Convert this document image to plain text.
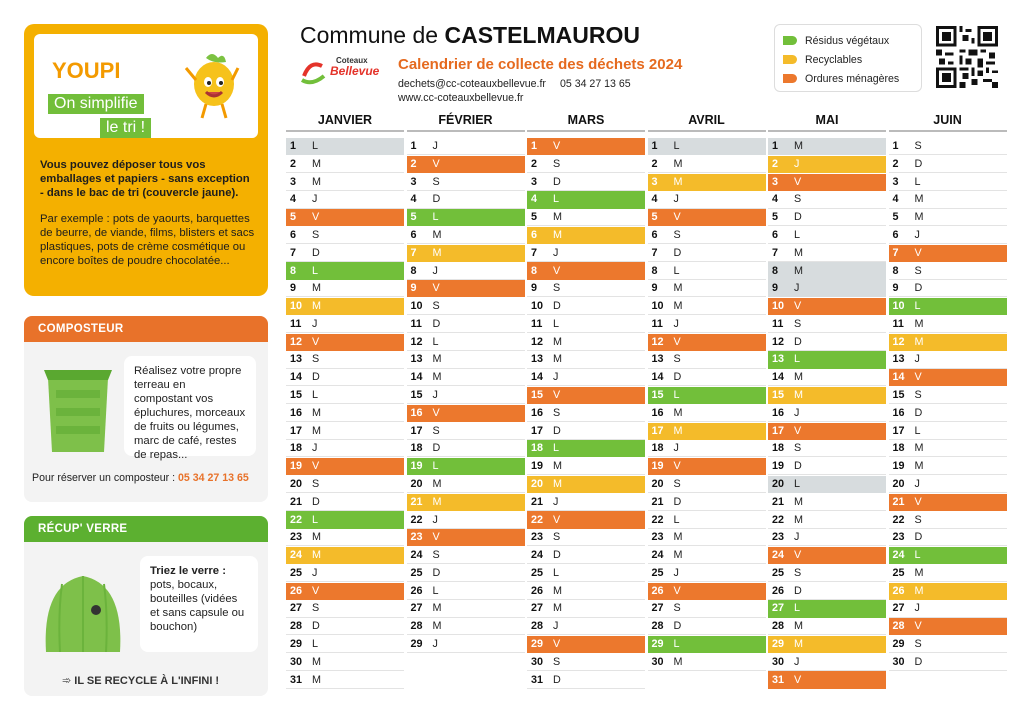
YOUPI
On simplifie
le tri !
Vous pouvez déposer tous vos emballages et papiers - sans exception - dans le bac de tri (couvercle jaune).
Par exemple : pots de yaourts, barquettes de beurre, de viande, films, blisters et sacs plastiques, pots de crème cosmétique ou encore boîtes de poudre chocolatée...
COMPOSTEUR
Réalisez votre propre terreau en compostant vos épluchures, morceaux de fruits ou légumes, marc de café, restes de repas...
Pour réserver un composteur : 05 34 27 13 65
RÉCUP' VERRE
Triez le verre :
pots, bocaux, bouteilles (vidées et sans capsule ou bouchon)
➾ IL SE RECYCLE À L'INFINI !
Commune de CASTELMAUROU
Coteaux
Bellevue Calendrier de collecte des déchets 2024
dechets@cc-coteauxbellevue.fr 05 34 27 13 65
www.cc-coteauxbellevue.fr
Résidus végétaux
Recyclables
Ordures ménagères
JANVIER
1	L
2	M
3	M
4	J
5	V
6	S
7	D
8	L
9	M
10 M
11 J
12 V
13 S
14 D
15 L
16 M
17 M
18 J
19 V
20 S
21 D
22 L
23 M
24 M
25 J
26 V
27 S
28 D
29 L
30 M
31 M
FÉVRIER
1	J
2	V
3	S
4	D
5	L
6	M
7	M
8	J
9	V
10 S
11 D
12 L
13 M
14 M
15 J
16 V
17 S
18 D
19 L
20 M
21 M
22 J
23 V
24 S
25 D
26 L
27 M
28 M
29 J
MARS
1	V
2	S
3	D
4	L
5	M
6	M
7	J
8	V
9	S
10 D
11 L
12 M
13 M
14 J
15 V
16 S
17 D
18 L
19 M
20 M
21 J
22 V
23 S
24 D
25 L
26 M
27 M
28 J
29 V
30 S
31 D
AVRIL
1	L
2	M
3	M
4	J
5	V
6	S
7	D
8	L
9	M
10 M
11 J
12 V
13 S
14 D
15 L
16 M
17 M
18 J
19 V
20 S
21 D
22 L
23 M
24 M
25 J
26 V
27 S
28 D
29 L
30 M
MAI
1	M
2	J
3	V
4	S
5	D
6	L
7	M
8	M
9	J
10 V
11 S
12 D
13 L
14 M
15 M
16 J
17 V
18 S
19 D
20 L
21 M
22 M
23 J
24 V
25 S
26 D
27 L
28 M
29 M
30 J
31 V
JUIN
1	S
2	D
3	L
4	M
5	M
6	J
7	V
8	S
9	D
10 L
11 M
12 M
13 J
14 V
15 S
16 D
17 L
18 M
19 M
20 J
21 V
22 S
23 D
24 L
25 M
26 M
27 J
28 V
29 S
30 D
